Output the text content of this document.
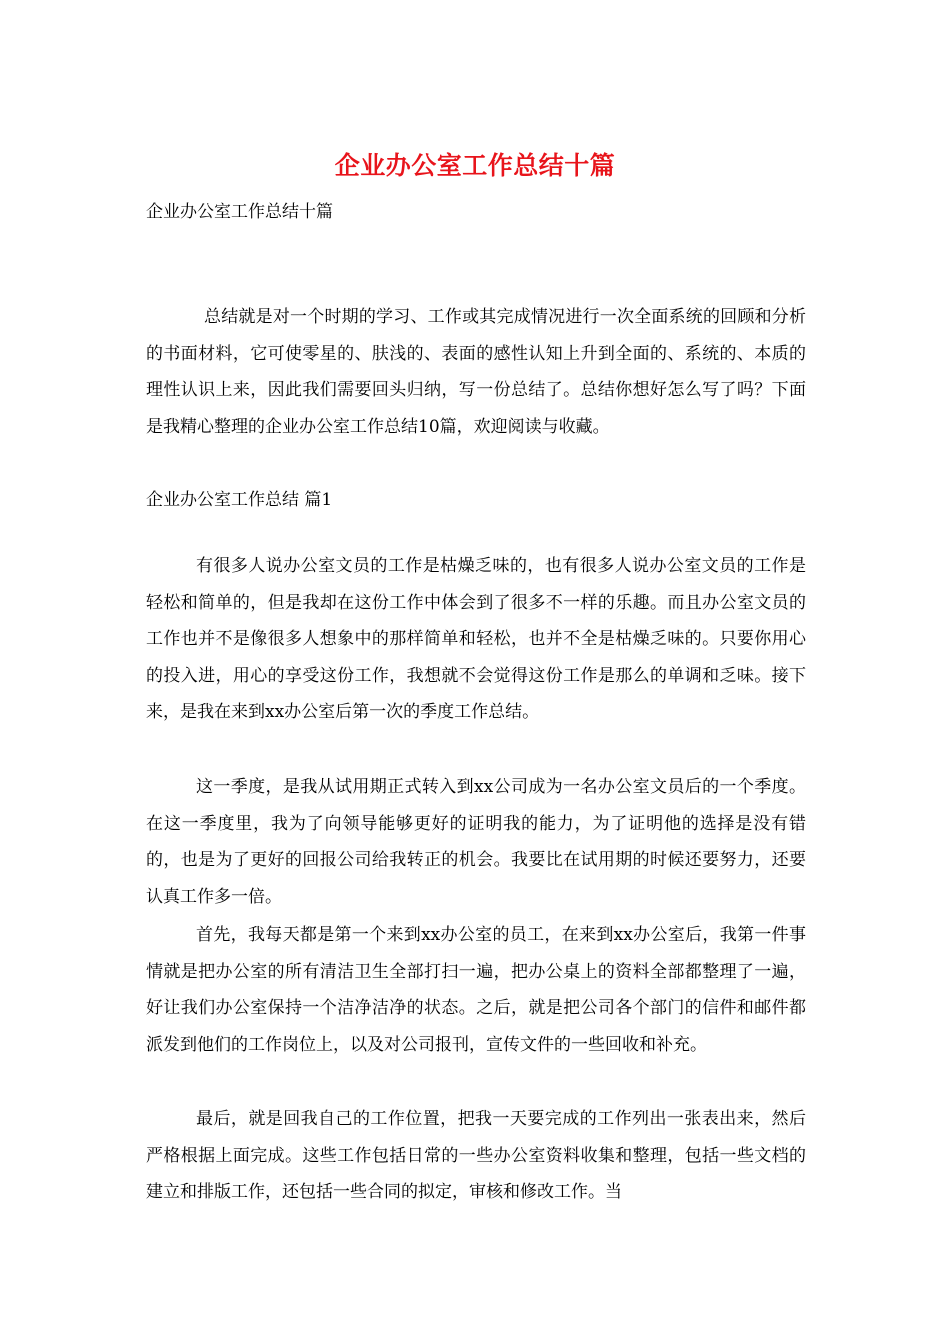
企业办公室工作总结十篇
企业办公室工作总结十篇
总结就是对一个时期的学习、工作或其完成情况进行一次全面系统的回顾和分析的书面材料，它可使零星的、肤浅的、表面的感性认知上升到全面的、系统的、本质的理性认识上来，因此我们需要回头归纳，写一份总结了。总结你想好怎么写了吗？下面是我精心整理的企业办公室工作总结10篇，欢迎阅读与收藏。
企业办公室工作总结 篇1
有很多人说办公室文员的工作是枯燥乏味的，也有很多人说办公室文员的工作是轻松和简单的，但是我却在这份工作中体会到了很多不一样的乐趣。而且办公室文员的工作也并不是像很多人想象中的那样简单和轻松，也并不全是枯燥乏味的。只要你用心的投入进，用心的享受这份工作，我想就不会觉得这份工作是那么的单调和乏味。接下来，是我在来到xx办公室后第一次的季度工作总结。
这一季度，是我从试用期正式转入到xx公司成为一名办公室文员后的一个季度。在这一季度里，我为了向领导能够更好的证明我的能力，为了证明他的选择是没有错的，也是为了更好的回报公司给我转正的机会。我要比在试用期的时候还要努力，还要认真工作多一倍。
首先，我每天都是第一个来到xx办公室的员工，在来到xx办公室后，我第一件事情就是把办公室的所有清洁卫生全部打扫一遍，把办公桌上的资料全部都整理了一遍，好让我们办公室保持一个洁净洁净的状态。之后，就是把公司各个部门的信件和邮件都派发到他们的工作岗位上，以及对公司报刊，宣传文件的一些回收和补充。
最后，就是回我自己的工作位置，把我一天要完成的工作列出一张表出来，然后严格根据上面完成。这些工作包括日常的一些办公室资料收集和整理，包括一些文档的建立和排版工作，还包括一些合同的拟定，审核和修改工作。当
